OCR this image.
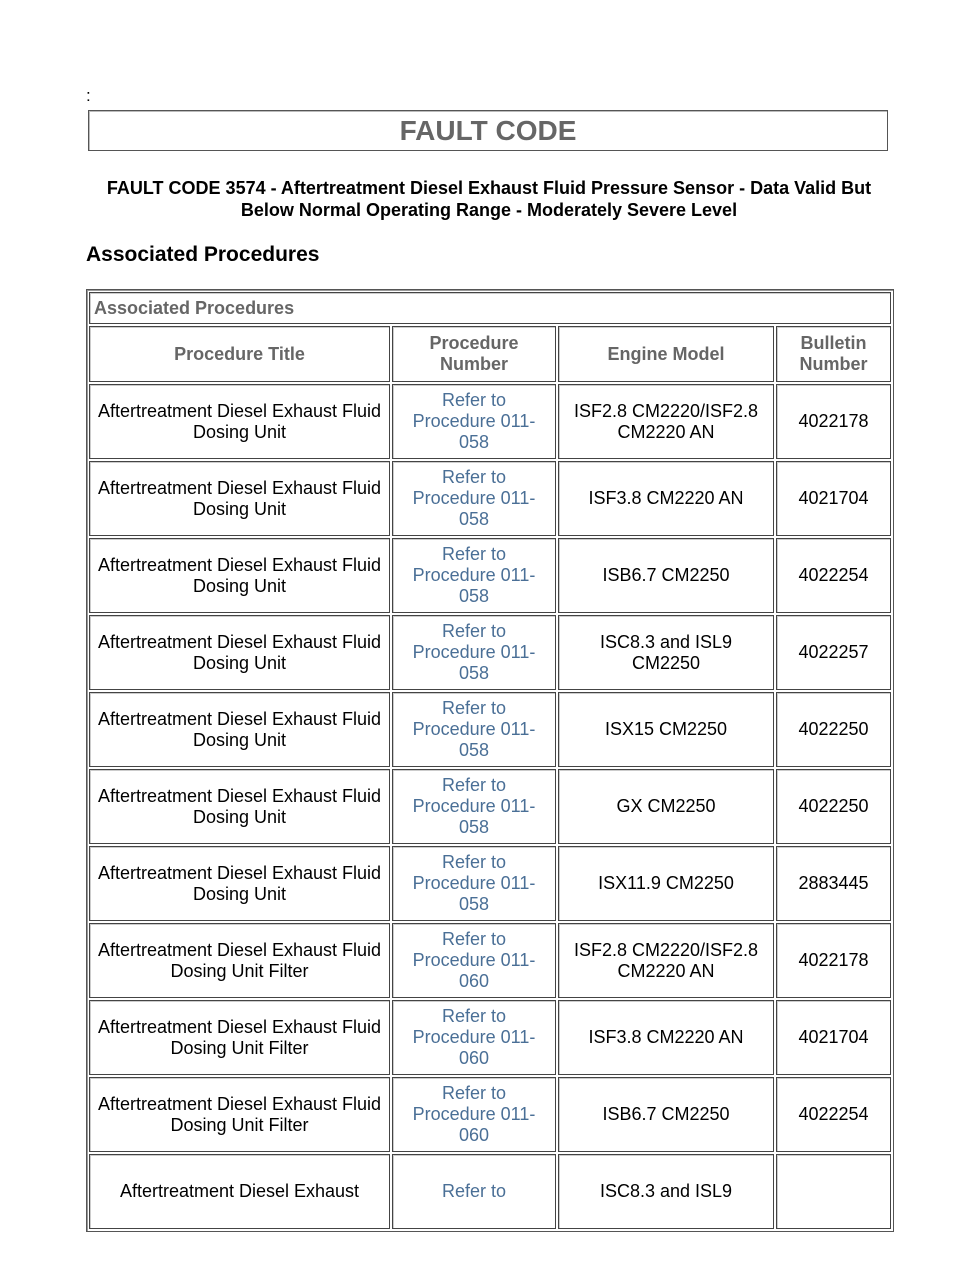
:
FAULT CODE
FAULT CODE 3574 - Aftertreatment Diesel Exhaust Fluid Pressure Sensor - Data Valid But Below Normal Operating Range - Moderately Severe Level
Associated Procedures
Associated Procedures			
Procedure Title	Procedure Number	Engine Model	Bulletin Number
Aftertreatment Diesel Exhaust Fluid Dosing Unit	Refer to Procedure 011-058	ISF2.8 CM2220/ISF2.8 CM2220 AN	4022178
Aftertreatment Diesel Exhaust Fluid Dosing Unit	Refer to Procedure 011-058	ISF3.8 CM2220 AN	4021704
Aftertreatment Diesel Exhaust Fluid Dosing Unit	Refer to Procedure 011-058	ISB6.7 CM2250	4022254
Aftertreatment Diesel Exhaust Fluid Dosing Unit	Refer to Procedure 011-058	ISC8.3 and ISL9 CM2250	4022257
Aftertreatment Diesel Exhaust Fluid Dosing Unit	Refer to Procedure 011-058	ISX15 CM2250	4022250
Aftertreatment Diesel Exhaust Fluid Dosing Unit	Refer to Procedure 011-058	GX CM2250	4022250
Aftertreatment Diesel Exhaust Fluid Dosing Unit	Refer to Procedure 011-058	ISX11.9 CM2250	2883445
Aftertreatment Diesel Exhaust Fluid Dosing Unit Filter	Refer to Procedure 011-060	ISF2.8 CM2220/ISF2.8 CM2220 AN	4022178
Aftertreatment Diesel Exhaust Fluid Dosing Unit Filter	Refer to Procedure 011-060	ISF3.8 CM2220 AN	4021704
Aftertreatment Diesel Exhaust Fluid Dosing Unit Filter	Refer to Procedure 011-060	ISB6.7 CM2250	4022254
Aftertreatment Diesel Exhaust	Refer to	ISC8.3 and ISL9	
